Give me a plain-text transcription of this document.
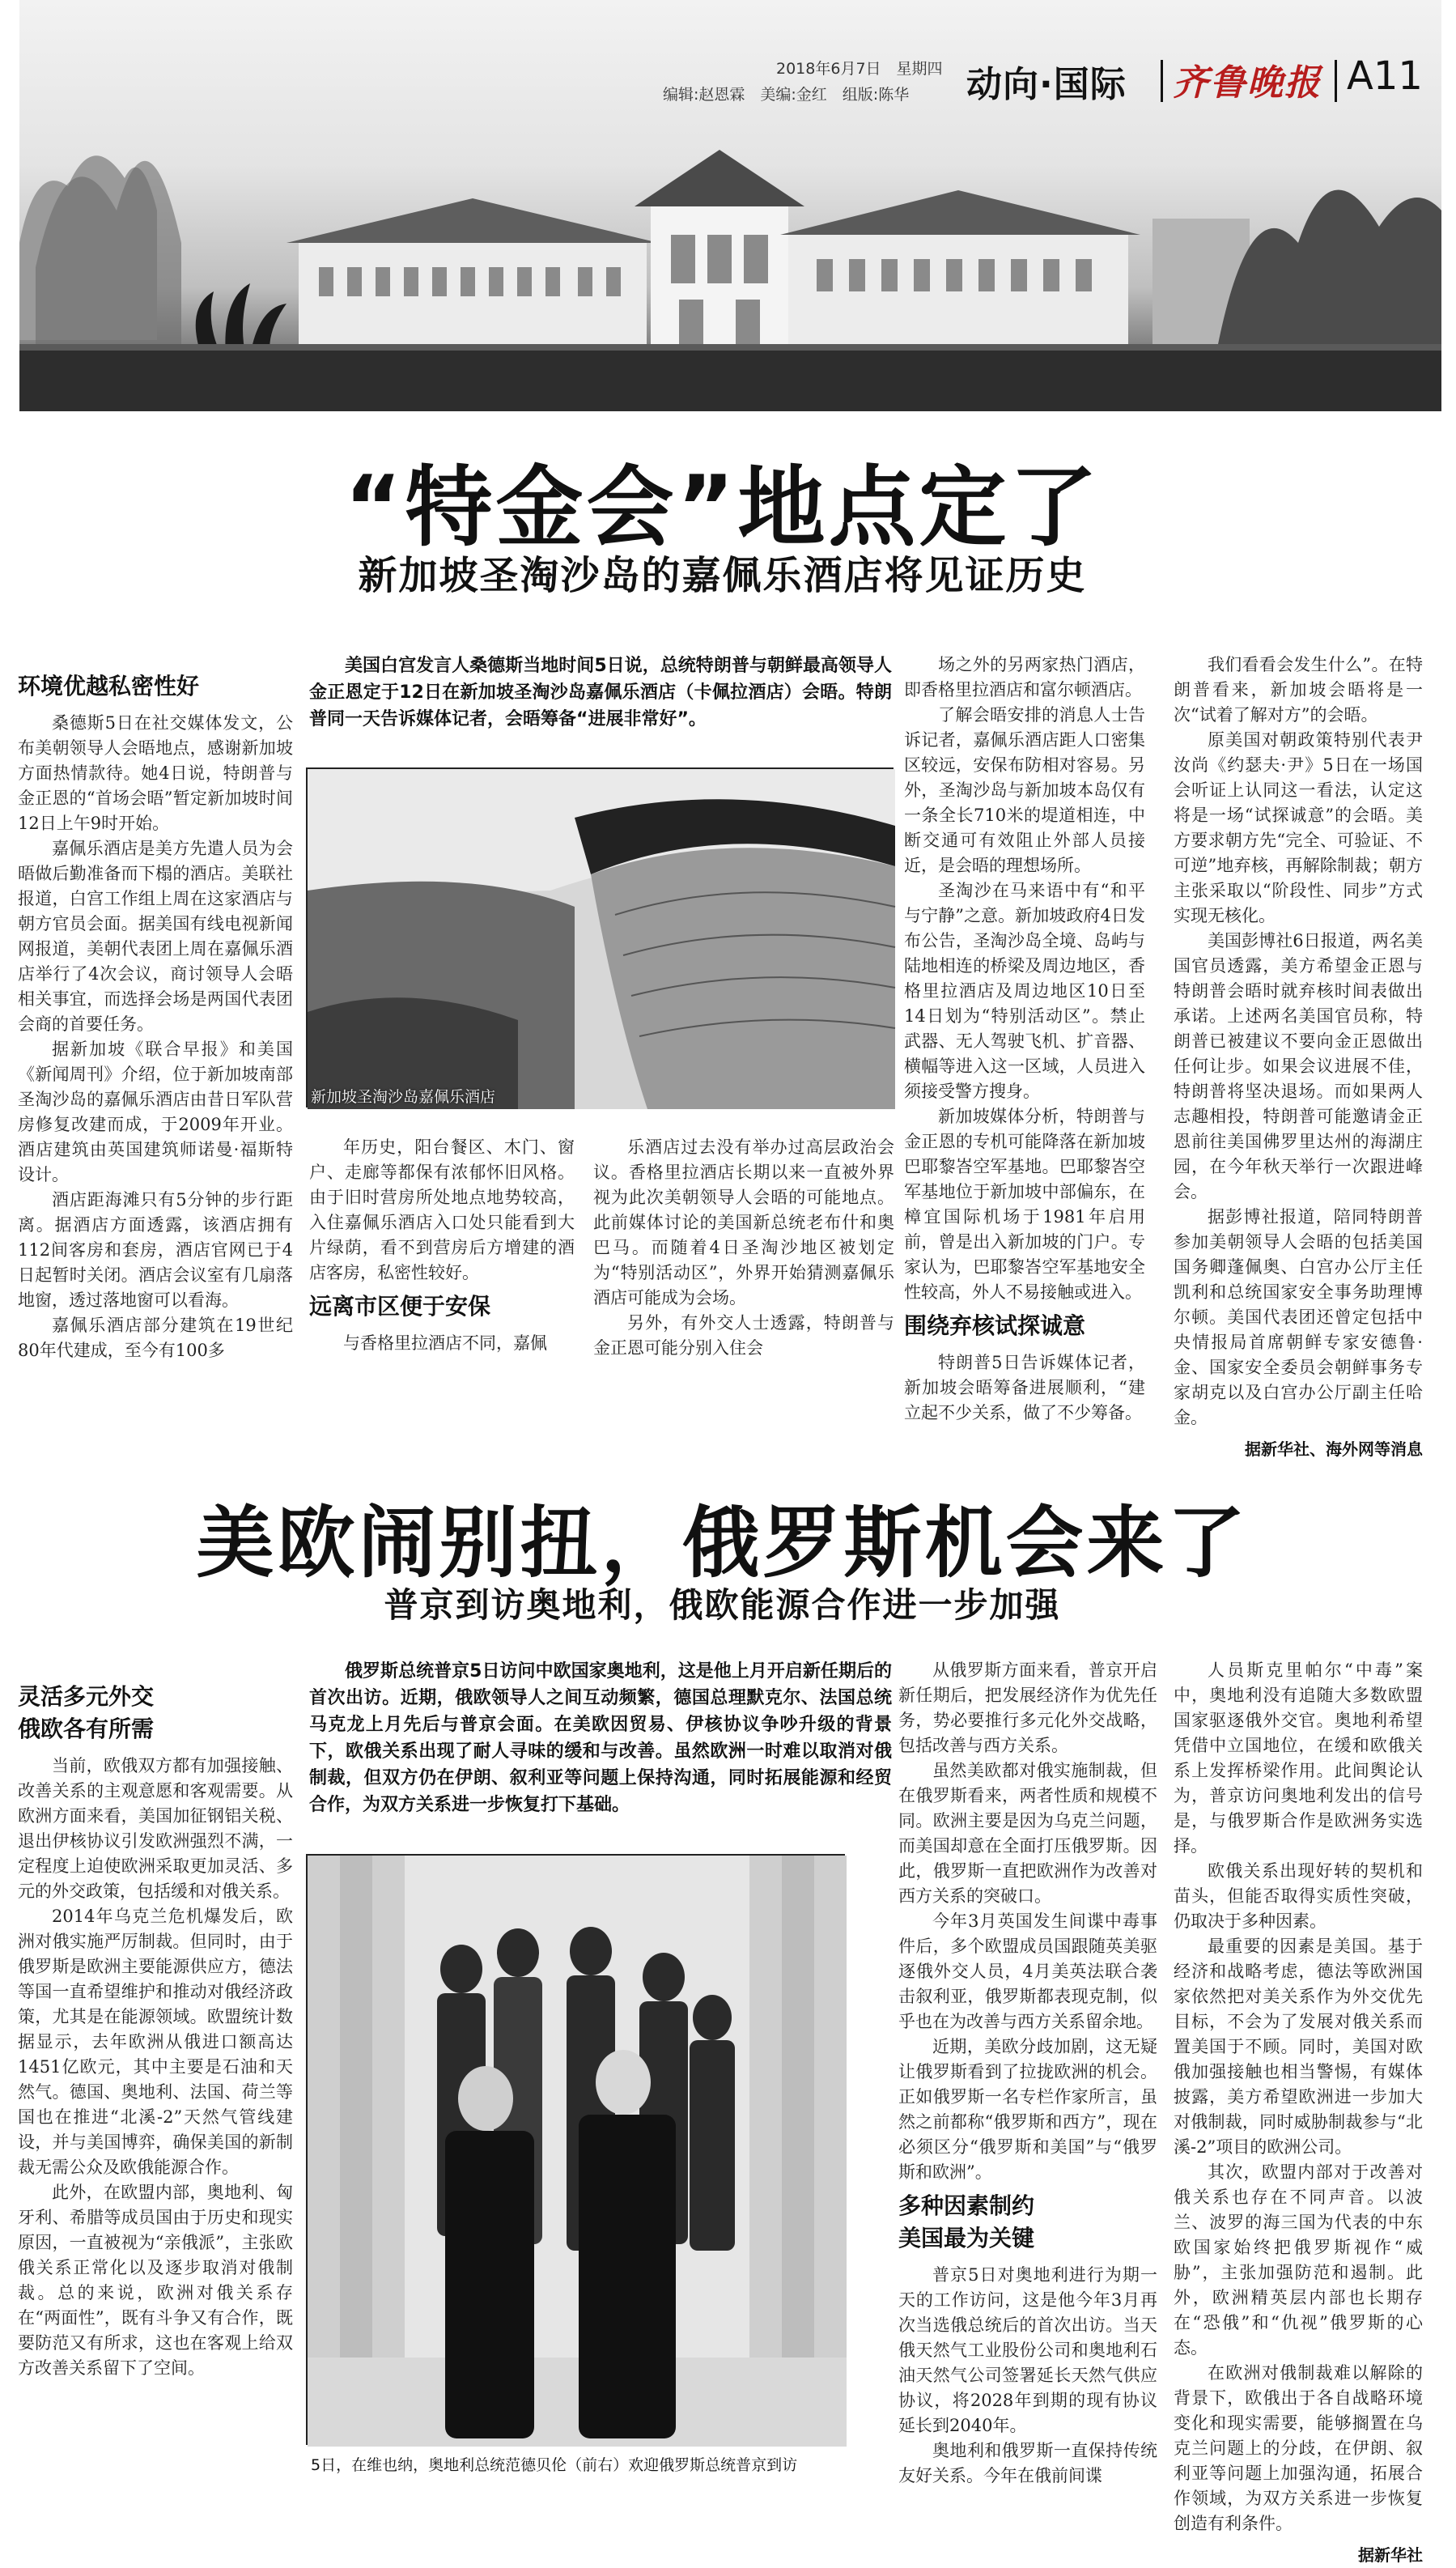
2018年6月7日　星期四
编辑:赵恩霖　美编:金红　组版:陈华 动向·国际 齐鲁晚报 A11
“特金会”地点定了
新加坡圣淘沙岛的嘉佩乐酒店将见证历史
环境优越私密性好

桑德斯5日在社交媒体发文，公布美朝领导人会晤地点，感谢新加坡方面热情款待。她4日说，特朗普与金正恩的“首场会晤”暂定新加坡时间12日上午9时开始。

嘉佩乐酒店是美方先遣人员为会晤做后勤准备而下榻的酒店。美联社报道，白宫工作组上周在这家酒店与朝方官员会面。据美国有线电视新闻网报道，美朝代表团上周在嘉佩乐酒店举行了4次会议，商讨领导人会晤相关事宜，而选择会场是两国代表团会商的首要任务。

据新加坡《联合早报》和美国《新闻周刊》介绍，位于新加坡南部圣淘沙岛的嘉佩乐酒店由昔日军队营房修复改建而成，于2009年开业。酒店建筑由英国建筑师诺曼·福斯特设计。

酒店距海滩只有5分钟的步行距离。据酒店方面透露，该酒店拥有112间客房和套房，酒店官网已于4日起暂时关闭。酒店会议室有几扇落地窗，透过落地窗可以看海。

嘉佩乐酒店部分建筑在19世纪80年代建成，至今有100多

美国白宫发言人桑德斯当地时间5日说，总统特朗普与朝鲜最高领导人金正恩定于12日在新加坡圣淘沙岛嘉佩乐酒店（卡佩拉酒店）会晤。特朗普同一天告诉媒体记者，会晤筹备“进展非常好”。

新加坡圣淘沙岛嘉佩乐酒店

年历史，阳台餐区、木门、窗户、走廊等都保有浓郁怀旧风格。由于旧时营房所处地点地势较高，入住嘉佩乐酒店入口处只能看到大片绿荫，看不到营房后方增建的酒店客房，私密性较好。

远离市区便于安保

与香格里拉酒店不同，嘉佩

乐酒店过去没有举办过高层政治会议。香格里拉酒店长期以来一直被外界视为此次美朝领导人会晤的可能地点。此前媒体讨论的美国新总统老布什和奥巴马。而随着4日圣淘沙地区被划定为“特别活动区”，外界开始猜测嘉佩乐酒店可能成为会场。

另外，有外交人士透露，特朗普与金正恩可能分别入住会

场之外的另两家热门酒店，即香格里拉酒店和富尔顿酒店。

了解会晤安排的消息人士告诉记者，嘉佩乐酒店距人口密集区较远，安保布防相对容易。另外，圣淘沙岛与新加坡本岛仅有一条全长710米的堤道相连，中断交通可有效阻止外部人员接近，是会晤的理想场所。

圣淘沙在马来语中有“和平与宁静”之意。新加坡政府4日发布公告，圣淘沙岛全境、岛屿与陆地相连的桥梁及周边地区，香格里拉酒店及周边地区10日至14日划为“特别活动区”。禁止武器、无人驾驶飞机、扩音器、横幅等进入这一区域，人员进入须接受警方搜身。

新加坡媒体分析，特朗普与金正恩的专机可能降落在新加坡巴耶黎峇空军基地。巴耶黎峇空军基地位于新加坡中部偏东，在樟宜国际机场于1981年启用前，曾是出入新加坡的门户。专家认为，巴耶黎峇空军基地安全性较高，外人不易接触或进入。

围绕弃核试探诚意

特朗普5日告诉媒体记者，新加坡会晤筹备进展顺利，“建立起不少关系，做了不少筹备。

我们看看会发生什么”。在特朗普看来，新加坡会晤将是一次“试着了解对方”的会晤。

原美国对朝政策特别代表尹汝尚《约瑟夫·尹》5日在一场国会听证上认同这一看法，认定这将是一场“试探诚意”的会晤。美方要求朝方先“完全、可验证、不可逆”地弃核，再解除制裁；朝方主张采取以“阶段性、同步”方式实现无核化。

美国彭博社6日报道，两名美国官员透露，美方希望金正恩与特朗普会晤时就弃核时间表做出承诺。上述两名美国官员称，特朗普已被建议不要向金正恩做出任何让步。如果会议进展不佳，特朗普将坚决退场。而如果两人志趣相投，特朗普可能邀请金正恩前往美国佛罗里达州的海湖庄园，在今年秋天举行一次跟进峰会。

据彭博社报道，陪同特朗普参加美朝领导人会晤的包括美国国务卿蓬佩奥、白宫办公厅主任凯利和总统国家安全事务助理博尔顿。美国代表团还曾定包括中央情报局首席朝鲜专家安德鲁·金、国家安全委员会朝鲜事务专家胡克以及白宫办公厅副主任哈金。

据新华社、海外网等消息
美欧闹别扭，俄罗斯机会来了
普京到访奥地利，俄欧能源合作进一步加强
灵活多元外交
俄欧各有所需

当前，欧俄双方都有加强接触、改善关系的主观意愿和客观需要。从欧洲方面来看，美国加征钢铝关税、退出伊核协议引发欧洲强烈不满，一定程度上迫使欧洲采取更加灵活、多元的外交政策，包括缓和对俄关系。

2014年乌克兰危机爆发后，欧洲对俄实施严厉制裁。但同时，由于俄罗斯是欧洲主要能源供应方，德法等国一直希望维护和推动对俄经济政策，尤其是在能源领域。欧盟统计数据显示，去年欧洲从俄进口额高达1451亿欧元，其中主要是石油和天然气。德国、奥地利、法国、荷兰等国也在推进“北溪-2”天然气管线建设，并与美国博弈，确保美国的新制裁无需公众及欧俄能源合作。

此外，在欧盟内部，奥地利、匈牙利、希腊等成员国由于历史和现实原因，一直被视为“亲俄派”，主张欧俄关系正常化以及逐步取消对俄制裁。总的来说，欧洲对俄关系存在“两面性”，既有斗争又有合作，既要防范又有所求，这也在客观上给双方改善关系留下了空间。

俄罗斯总统普京5日访问中欧国家奥地利，这是他上月开启新任期后的首次出访。近期，俄欧领导人之间互动频繁，德国总理默克尔、法国总统马克龙上月先后与普京会面。在美欧因贸易、伊核协议争吵升级的背景下，欧俄关系出现了耐人寻味的缓和与改善。虽然欧洲一时难以取消对俄制裁，但双方仍在伊朗、叙利亚等问题上保持沟通，同时拓展能源和经贸合作，为双方关系进一步恢复打下基础。

5日，在维也纳，奥地利总统范德贝伦（前右）欢迎俄罗斯总统普京到访

从俄罗斯方面来看，普京开启新任期后，把发展经济作为优先任务，势必要推行多元化外交战略，包括改善与西方关系。

虽然美欧都对俄实施制裁，但在俄罗斯看来，两者性质和规模不同。欧洲主要是因为乌克兰问题，而美国却意在全面打压俄罗斯。因此，俄罗斯一直把欧洲作为改善对西方关系的突破口。

今年3月英国发生间谍中毒事件后，多个欧盟成员国跟随英美驱逐俄外交人员，4月美英法联合袭击叙利亚，俄罗斯都表现克制，似乎也在为改善与西方关系留余地。

近期，美欧分歧加剧，这无疑让俄罗斯看到了拉拢欧洲的机会。正如俄罗斯一名专栏作家所言，虽然之前都称“俄罗斯和西方”，现在必须区分“俄罗斯和美国”与“俄罗斯和欧洲”。

多种因素制约
美国最为关键

普京5日对奥地利进行为期一天的工作访问，这是他今年3月再次当选俄总统后的首次出访。当天俄天然气工业股份公司和奥地利石油天然气公司签署延长天然气供应协议，将2028年到期的现有协议延长到2040年。

奥地利和俄罗斯一直保持传统友好关系。今年在俄前间谍

人员斯克里帕尔“中毒”案中，奥地利没有追随大多数欧盟国家驱逐俄外交官。奥地利希望凭借中立国地位，在缓和欧俄关系上发挥桥梁作用。此间舆论认为，普京访问奥地利发出的信号是，与俄罗斯合作是欧洲务实选择。

欧俄关系出现好转的契机和苗头，但能否取得实质性突破，仍取决于多种因素。

最重要的因素是美国。基于经济和战略考虑，德法等欧洲国家依然把对美关系作为外交优先目标，不会为了发展对俄关系而置美国于不顾。同时，美国对欧俄加强接触也相当警惕，有媒体披露，美方希望欧洲进一步加大对俄制裁，同时威胁制裁参与“北溪-2”项目的欧洲公司。

其次，欧盟内部对于改善对俄关系也存在不同声音。以波兰、波罗的海三国为代表的中东欧国家始终把俄罗斯视作“威胁”，主张加强防范和遏制。此外，欧洲精英层内部也长期存在“恐俄”和“仇视”俄罗斯的心态。

在欧洲对俄制裁难以解除的背景下，欧俄出于各自战略环境变化和现实需要，能够搁置在乌克兰问题上的分歧，在伊朗、叙利亚等问题上加强沟通，拓展合作领域，为双方关系进一步恢复创造有利条件。

据新华社
